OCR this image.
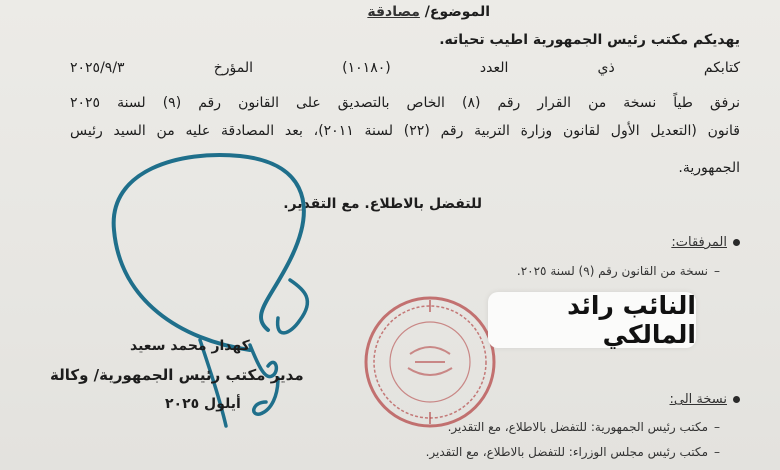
الموضوع/ مصادقة
يهديكم مكتب رئيس الجمهورية اطيب تحياته.
كتابكم ذي العدد (١٠١٨٠) المؤرخ ٢٠٢٥/٩/٣
نرفق طياً نسخة من القرار رقم (٨) الخاص بالتصديق على القانون رقم (٩) لسنة ٢٠٢٥
قانون (التعديل الأول لقانون وزارة التربية رقم (٢٢) لسنة ٢٠١١)، بعد المصادقة عليه من السيد رئيس
الجمهورية.
للتفضل بالاطلاع. مع التقدير.
المرفقات:
–نسخة من القانون رقم (٩) لسنة ٢٠٢٥.
نسخة الى:
–مكتب رئيس الجمهورية: للتفضل بالاطلاع، مع التقدير.
–مكتب رئيس مجلس الوزراء: للتفضل بالاطلاع، مع التقدير.
النائب رائد المالكي
كهدار محمد سعيد
مدير مكتب رئيس الجمهورية/ وكالة
أيلول ٢٠٢٥
